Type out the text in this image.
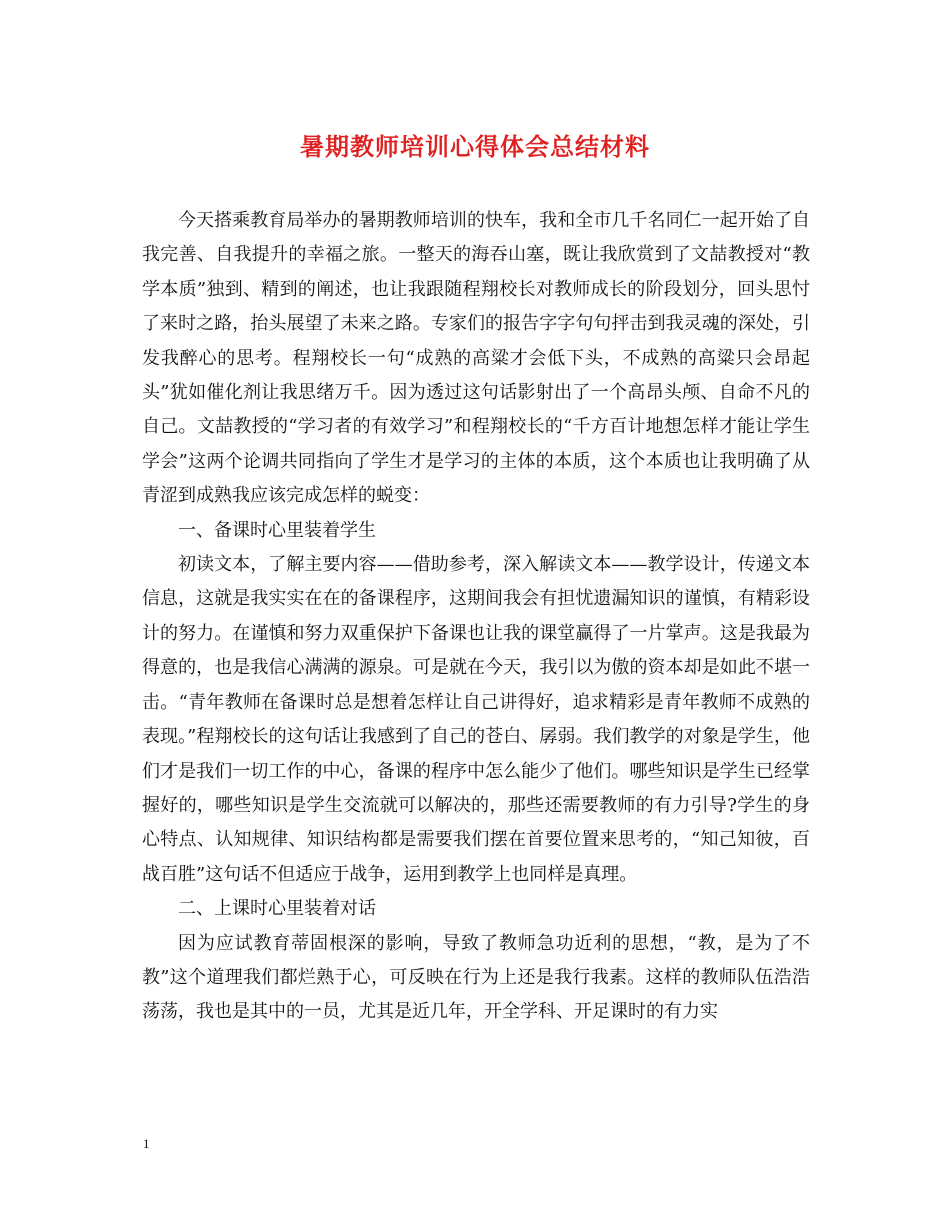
暑期教师培训心得体会总结材料

今天搭乘教育局举办的暑期教师培训的快车，我和全市几千名同仁一起开始了自我完善、自我提升的幸福之旅。一整天的海吞山塞，既让我欣赏到了文喆教授对“教学本质”独到、精到的阐述，也让我跟随程翔校长对教师成长的阶段划分，回头思忖了来时之路，抬头展望了未来之路。专家们的报告字字句句抨击到我灵魂的深处，引发我醉心的思考。程翔校长一句“成熟的高粱才会低下头，不成熟的高粱只会昂起头”犹如催化剂让我思绪万千。因为透过这句话影射出了一个高昂头颅、自命不凡的自己。文喆教授的“学习者的有效学习”和程翔校长的“千方百计地想怎样才能让学生学会”这两个论调共同指向了学生才是学习的主体的本质，这个本质也让我明确了从青涩到成熟我应该完成怎样的蜕变：

一、备课时心里装着学生

初读文本，了解主要内容——借助参考，深入解读文本——教学设计，传递文本信息，这就是我实实在在的备课程序，这期间我会有担忧遗漏知识的谨慎，有精彩设计的努力。在谨慎和努力双重保护下备课也让我的课堂赢得了一片掌声。这是我最为得意的，也是我信心满满的源泉。可是就在今天，我引以为傲的资本却是如此不堪一击。“青年教师在备课时总是想着怎样让自己讲得好，追求精彩是青年教师不成熟的表现。”程翔校长的这句话让我感到了自己的苍白、孱弱。我们教学的对象是学生，他们才是我们一切工作的中心，备课的程序中怎么能少了他们。哪些知识是学生已经掌握好的，哪些知识是学生交流就可以解决的，那些还需要教师的有力引导?学生的身心特点、认知规律、知识结构都是需要我们摆在首要位置来思考的，“知己知彼，百战百胜”这句话不但适应于战争，运用到教学上也同样是真理。

二、上课时心里装着对话

因为应试教育蒂固根深的影响，导致了教师急功近利的思想，“教，是为了不教”这个道理我们都烂熟于心，可反映在行为上还是我行我素。这样的教师队伍浩浩荡荡，我也是其中的一员，尤其是近几年，开全学科、开足课时的有力实

1
